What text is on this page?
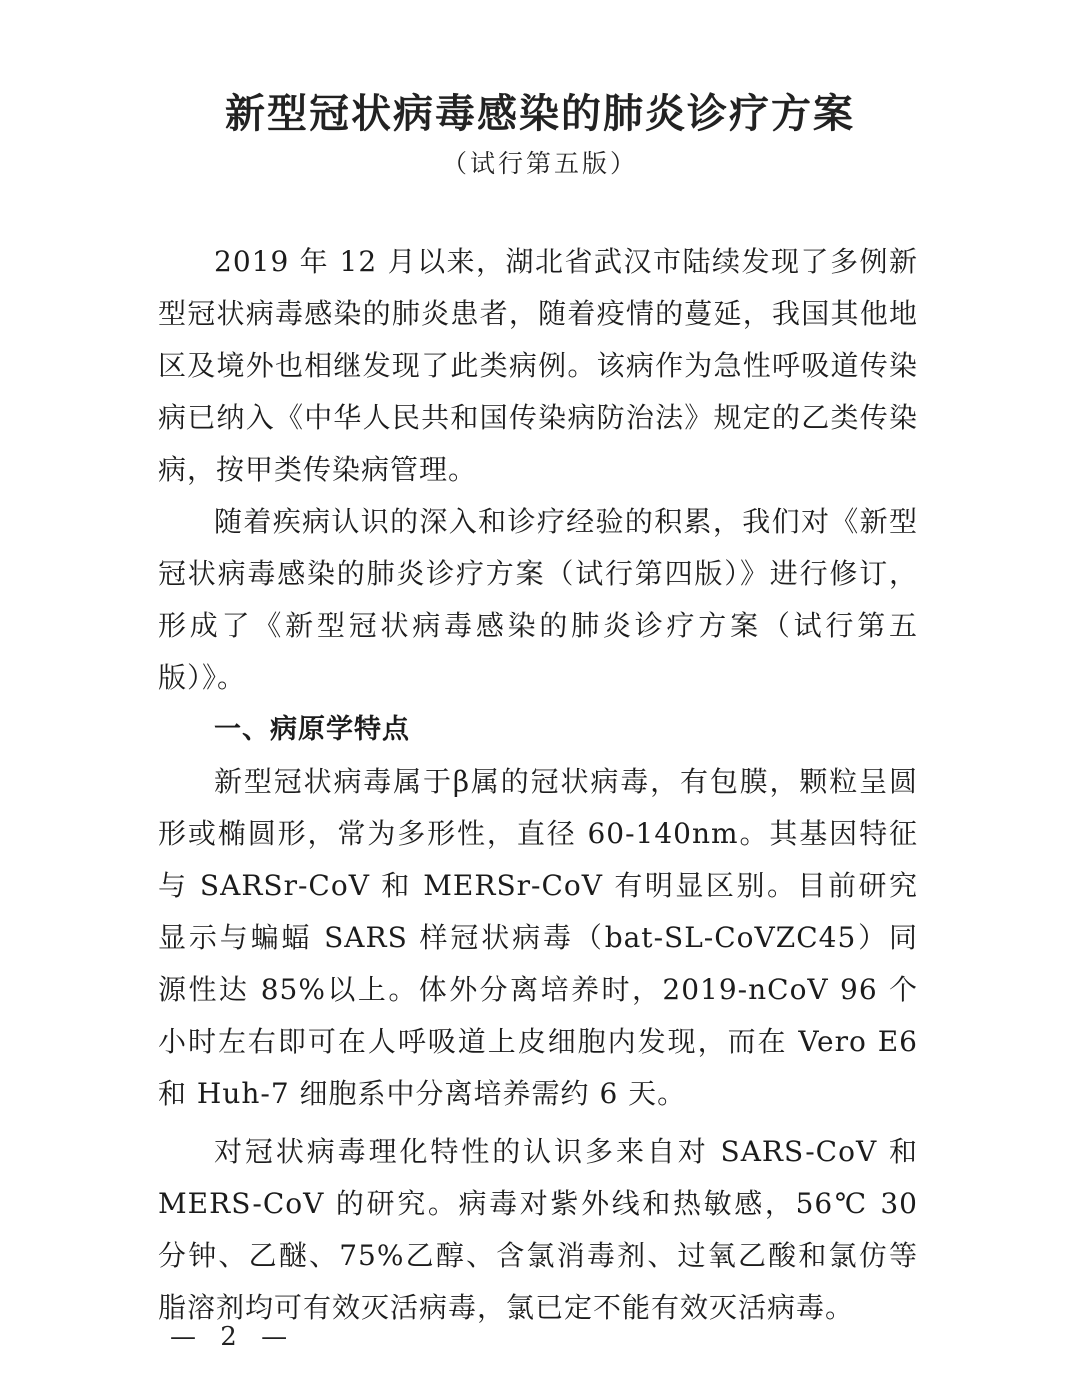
新型冠状病毒感染的肺炎诊疗方案
（试行第五版）

2019 年 12 月以来，湖北省武汉市陆续发现了多例新型冠状病毒感染的肺炎患者，随着疫情的蔓延，我国其他地区及境外也相继发现了此类病例。该病作为急性呼吸道传染病已纳入《中华人民共和国传染病防治法》规定的乙类传染病，按甲类传染病管理。

随着疾病认识的深入和诊疗经验的积累，我们对《新型冠状病毒感染的肺炎诊疗方案（试行第四版）》进行修订，形成了《新型冠状病毒感染的肺炎诊疗方案（试行第五版）》。

一、病原学特点

新型冠状病毒属于β属的冠状病毒，有包膜，颗粒呈圆形或椭圆形，常为多形性，直径 60-140nm。其基因特征与 SARSr-CoV 和 MERSr-CoV 有明显区别。目前研究显示与蝙蝠 SARS 样冠状病毒（bat-SL-CoVZC45）同源性达 85%以上。体外分离培养时，2019-nCoV 96 个小时左右即可在人呼吸道上皮细胞内发现，而在 Vero E6 和 Huh-7 细胞系中分离培养需约 6 天。

对冠状病毒理化特性的认识多来自对 SARS-CoV 和 MERS-CoV 的研究。病毒对紫外线和热敏感，56℃ 30 分钟、乙醚、75%乙醇、含氯消毒剂、过氧乙酸和氯仿等脂溶剂均可有效灭活病毒，氯已定不能有效灭活病毒。

— 2 —
